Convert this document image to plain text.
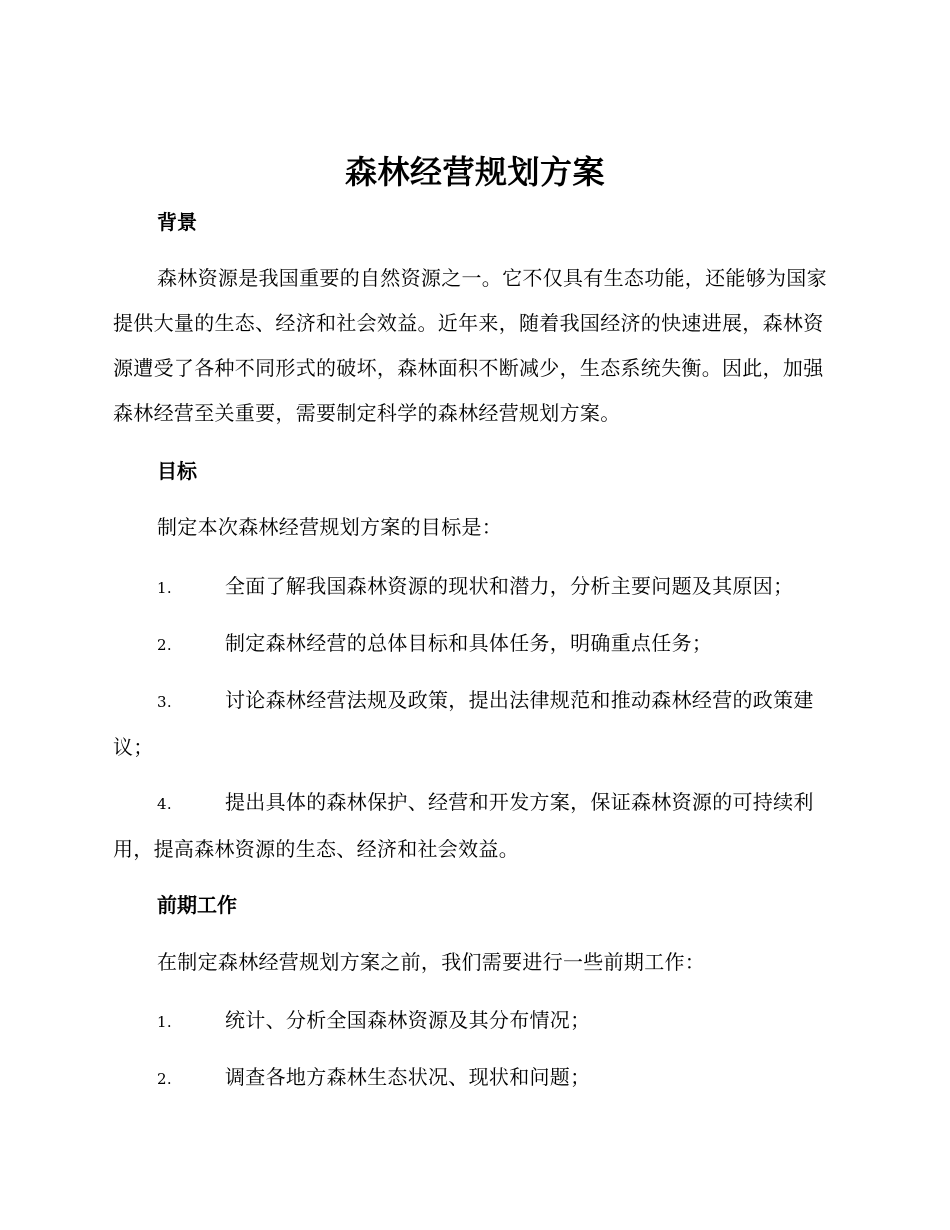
森林经营规划方案
背景

森林资源是我国重要的自然资源之一。它不仅具有生态功能，还能够为国家提供大量的生态、经济和社会效益。近年来，随着我国经济的快速进展，森林资源遭受了各种不同形式的破坏，森林面积不断减少，生态系统失衡。因此，加强森林经营至关重要，需要制定科学的森林经营规划方案。

目标

制定本次森林经营规划方案的目标是：

1.	全面了解我国森林资源的现状和潜力，分析主要问题及其原因；
2.	制定森林经营的总体目标和具体任务，明确重点任务；
3.	讨论森林经营法规及政策，提出法律规范和推动森林经营的政策建议；
4.	提出具体的森林保护、经营和开发方案，保证森林资源的可持续利用，提高森林资源的生态、经济和社会效益。
前期工作

在制定森林经营规划方案之前，我们需要进行一些前期工作：

1.	统计、分析全国森林资源及其分布情况；
2.	调查各地方森林生态状况、现状和问题；
